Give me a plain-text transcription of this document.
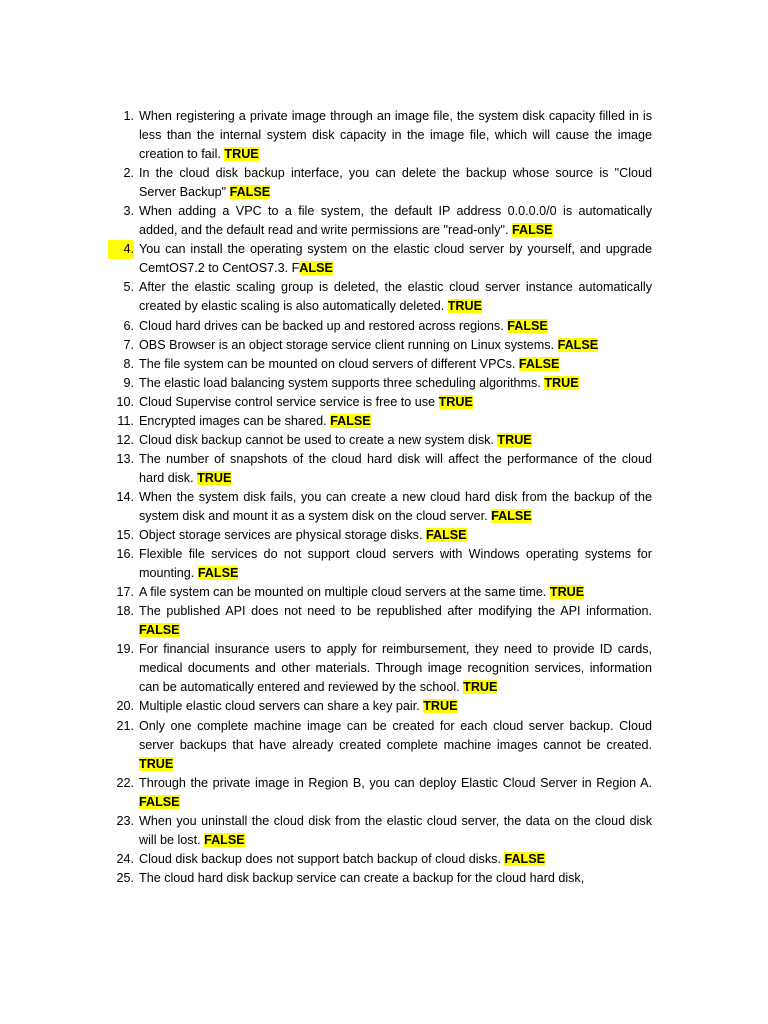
1. When registering a private image through an image file, the system disk capacity filled in is less than the internal system disk capacity in the image file, which will cause the image creation to fail. TRUE
2. In the cloud disk backup interface, you can delete the backup whose source is "Cloud Server Backup" FALSE
3. When adding a VPC to a file system, the default IP address 0.0.0.0/0 is automatically added, and the default read and write permissions are "read-only". FALSE
4. You can install the operating system on the elastic cloud server by yourself, and upgrade CemtOS7.2 to CentOS7.3. FALSE
5. After the elastic scaling group is deleted, the elastic cloud server instance automatically created by elastic scaling is also automatically deleted. TRUE
6. Cloud hard drives can be backed up and restored across regions. FALSE
7. OBS Browser is an object storage service client running on Linux systems. FALSE
8. The file system can be mounted on cloud servers of different VPCs. FALSE
9. The elastic load balancing system supports three scheduling algorithms. TRUE
10. Cloud Supervise control service service is free to use TRUE
11. Encrypted images can be shared. FALSE
12. Cloud disk backup cannot be used to create a new system disk. TRUE
13. The number of snapshots of the cloud hard disk will affect the performance of the cloud hard disk. TRUE
14. When the system disk fails, you can create a new cloud hard disk from the backup of the system disk and mount it as a system disk on the cloud server. FALSE
15. Object storage services are physical storage disks. FALSE
16. Flexible file services do not support cloud servers with Windows operating systems for mounting. FALSE
17. A file system can be mounted on multiple cloud servers at the same time. TRUE
18. The published API does not need to be republished after modifying the API information. FALSE
19. For financial insurance users to apply for reimbursement, they need to provide ID cards, medical documents and other materials. Through image recognition services, information can be automatically entered and reviewed by the school. TRUE
20. Multiple elastic cloud servers can share a key pair. TRUE
21. Only one complete machine image can be created for each cloud server backup. Cloud server backups that have already created complete machine images cannot be created. TRUE
22. Through the private image in Region B, you can deploy Elastic Cloud Server in Region A. FALSE
23. When you uninstall the cloud disk from the elastic cloud server, the data on the cloud disk will be lost. FALSE
24. Cloud disk backup does not support batch backup of cloud disks. FALSE
25. The cloud hard disk backup service can create a backup for the cloud hard disk,
